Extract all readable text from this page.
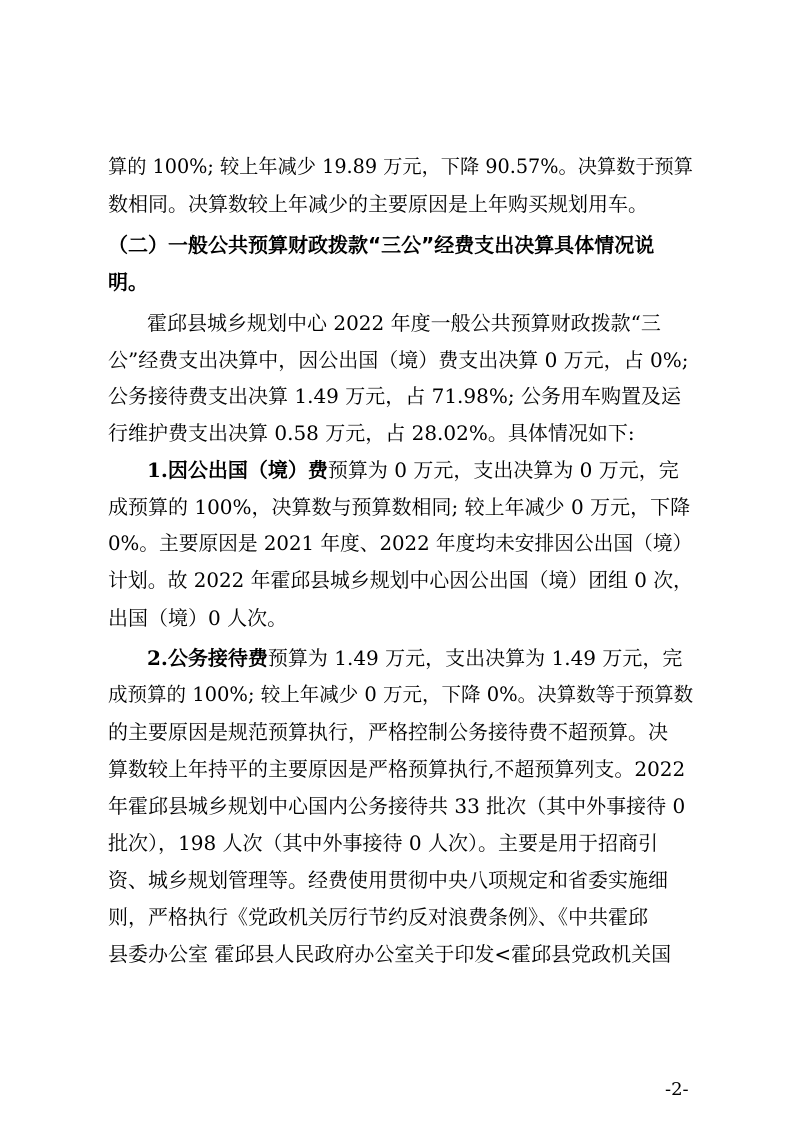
算的 100%; 较上年减少 19.89 万元，下降 90.57%。决算数于预算
数相同。决算数较上年减少的主要原因是上年购买规划用车。
（二）一般公共预算财政拨款“三公”经费支出决算具体情况说
明。
霍邱县城乡规划中心 2022 年度一般公共预算财政拨款“三
公”经费支出决算中，因公出国（境）费支出决算 0 万元，占 0%;
公务接待费支出决算 1.49 万元，占 71.98%; 公务用车购置及运
行维护费支出决算 0.58 万元，占 28.02%。具体情况如下:
1.因公出国（境）费预算为 0 万元，支出决算为 0 万元，完
成预算的 100%，决算数与预算数相同; 较上年减少 0 万元，下降
0%。主要原因是 2021 年度、2022 年度均未安排因公出国（境）
计划。故 2022 年霍邱县城乡规划中心因公出国（境）团组 0 次，
出国（境）0 人次。
2.公务接待费预算为 1.49 万元，支出决算为 1.49 万元，完
成预算的 100%; 较上年减少 0 万元，下降 0%。决算数等于预算数
的主要原因是规范预算执行，严格控制公务接待费不超预算。决
算数较上年持平的主要原因是严格预算执行,不超预算列支。2022
年霍邱县城乡规划中心国内公务接待共 33 批次（其中外事接待 0
批次），198 人次（其中外事接待 0 人次）。主要是用于招商引
资、城乡规划管理等。经费使用贯彻中央八项规定和省委实施细
则，严格执行《党政机关厉行节约反对浪费条例》、《中共霍邱
县委办公室 霍邱县人民政府办公室关于印发<霍邱县党政机关国
-2-
